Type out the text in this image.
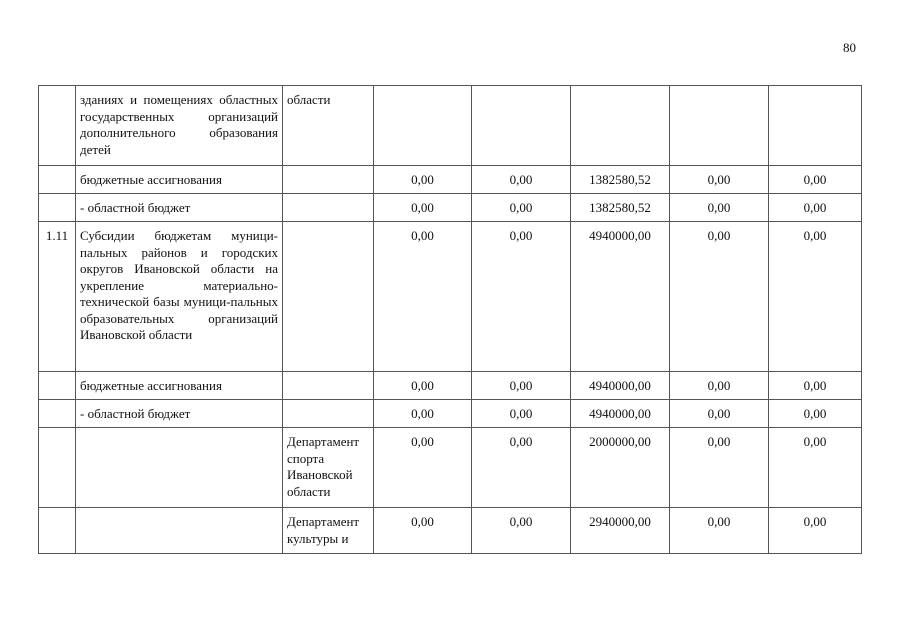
80
	зданиях и помещениях областных государственных организаций дополнительного образования детей	области					
	бюджетные ассигнования		0,00	0,00	1382580,52	0,00	0,00
	- областной бюджет		0,00	0,00	1382580,52	0,00	0,00
1.11	Субсидии бюджетам муници-пальных районов и городских округов Ивановской области на укрепление материально-технической базы муници-пальных образовательных организаций Ивановской области		0,00	0,00	4940000,00	0,00	0,00
	бюджетные ассигнования		0,00	0,00	4940000,00	0,00	0,00
	- областной бюджет		0,00	0,00	4940000,00	0,00	0,00
		Департамент спорта Ивановской области	0,00	0,00	2000000,00	0,00	0,00
		Департамент культуры и	0,00	0,00	2940000,00	0,00	0,00
